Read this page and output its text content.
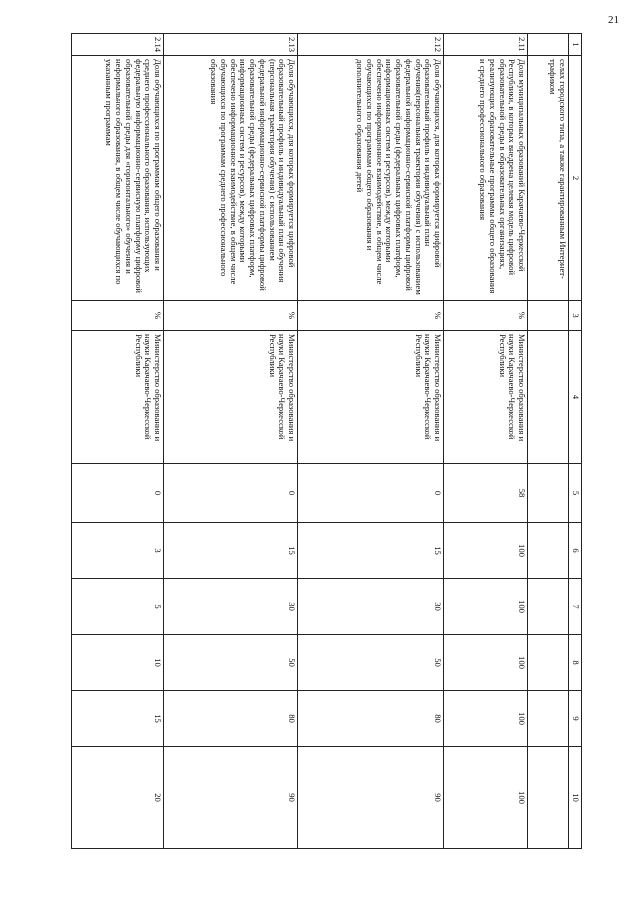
21
1	2	3	4	5	6	7	8	9	10
	селах городского типа, а также гарантированным Интернет-трафиком								
2.11	Доля муниципальных образований Карачаево-Черкесской Республики, в которых внедрена целевая модель цифровой образовательной среды в образовательных организациях, реализующих образовательные программы общего образования и среднего профессионального образования	%	Министерство образования и науки Карачаево-Черкесской Республики	58	100	100	100	100	100
2.12	Доля обучающихся, для которых формируется цифровой образовательный профиль и индивидуальный план обучения(персональная траектория обучения) с использованием федеральной информационно-сервисной платформы цифровой образовательной среды (федеральных цифровых платформ, информационных систем и ресурсов), между которыми обеспечено информационное взаимодействие, в общем числе обучающихся по программам общего образования и дополнительного образования детей	%	Министерство образования и науки Карачаево-Черкесской Республики	0	15	30	50	80	90
2.13	Доля обучающихся, для которых формируется цифровой образовательный профиль и индивидуальный план обучения (персональная траектория обучения) с использованием федеральной информационно-сервисной платформы цифровой образовательной среды (федеральных цифровых платформ, информационных систем и ресурсов), между которыми обеспечено информационное взаимодействие, в общем числе обучающихся по программам среднего профессионального образования	%	Министерство образования и науки Карачаево-Черкесской Республики	0	15	30	50	80	90
2.14	Доля обучающихся по программам общего образования и среднего профессионального образования, использующих федеральную информационно-сервисную платформу цифровой образовательной среды для «горизонтального» обучения и неформального образования, в общем числе обучающихся по указанным программам	%	Министерство образования и науки Карачаево-Черкесской Республики	0	3	5	10	15	20
